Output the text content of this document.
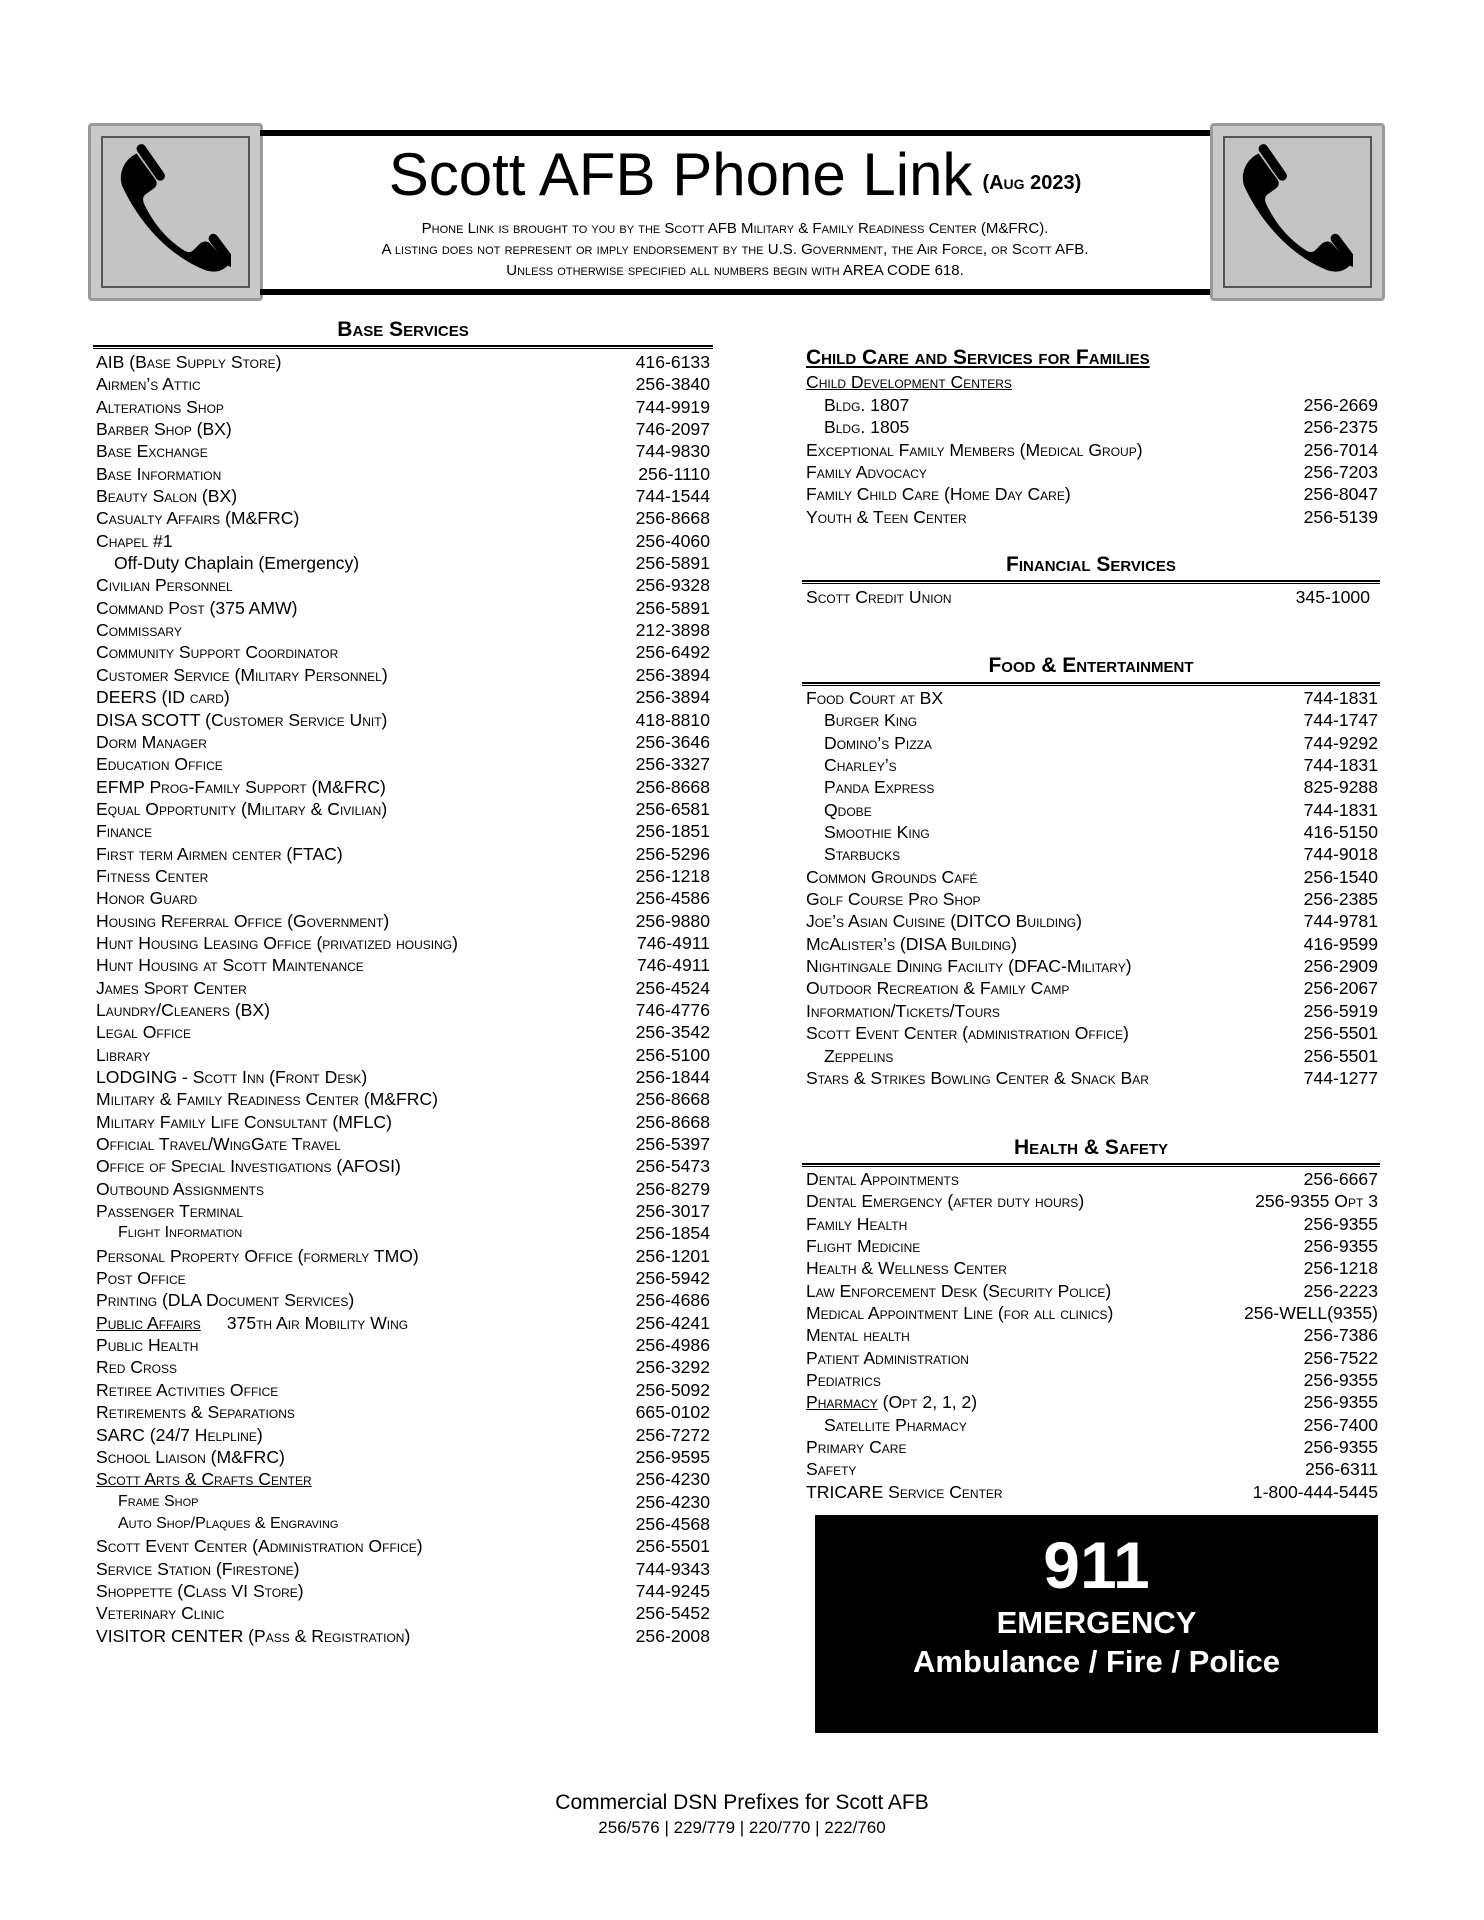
Scott AFB Phone Link (Aug 2023)
Phone Link is brought to you by the Scott AFB Military & Family Readiness Center (M&FRC).
A listing does not represent or imply endorsement by the U.S. Government, the Air Force, or Scott AFB.
Unless otherwise specified all numbers begin with AREA CODE 618.
Base Services
AIB (Base Supply Store)	416-6133
Airmen’s Attic	256-3840
Alterations Shop	744-9919
Barber Shop (BX)	746-2097
Base Exchange	744-9830
Base Information	256-1110
Beauty Salon (BX)	744-1544
Casualty Affairs (M&FRC)	256-8668
Chapel #1	256-4060
Off-Duty Chaplain (Emergency)	256-5891
Civilian Personnel	256-9328
Command Post (375 AMW)	256-5891
Commissary	212-3898
Community Support Coordinator	256-6492
Customer Service (Military Personnel)	256-3894
DEERS (ID card)	256-3894
DISA SCOTT (Customer Service Unit)	418-8810
Dorm Manager	256-3646
Education Office	256-3327
EFMP Prog-Family Support (M&FRC)	256-8668
Equal Opportunity (Military & Civilian)	256-6581
Finance	256-1851
First term Airmen center (FTAC)	256-5296
Fitness Center	256-1218
Honor Guard	256-4586
Housing Referral Office (Government)	256-9880
Hunt Housing Leasing Office (privatized housing)	746-4911
Hunt Housing at Scott Maintenance	746-4911
James Sport Center	256-4524
Laundry/Cleaners (BX)	746-4776
Legal Office	256-3542
Library	256-5100
LODGING - Scott Inn (Front Desk)	256-1844
Military & Family Readiness Center (M&FRC)	256-8668
Military Family Life Consultant (MFLC)	256-8668
Official Travel/WingGate Travel	256-5397
Office of Special Investigations (AFOSI)	256-5473
Outbound Assignments	256-8279
Passenger Terminal	256-3017
Flight Information	256-1854
Personal Property Office (formerly TMO)	256-1201
Post Office	256-5942
Printing (DLA Document Services)	256-4686
Public Affairs 375th Air Mobility Wing	256-4241
Public Health	256-4986
Red Cross	256-3292
Retiree Activities Office	256-5092
Retirements & Separations	665-0102
SARC (24/7 Helpline)	256-7272
School Liaison (M&FRC)	256-9595
Scott Arts & Crafts Center	256-4230
Frame Shop	256-4230
Auto Shop/Plaques & Engraving	256-4568
Scott Event Center (Administration Office)	256-5501
Service Station (Firestone)	744-9343
Shoppette (Class VI Store)	744-9245
Veterinary Clinic	256-5452
VISITOR CENTER (Pass & Registration)	256-2008
Child Care and Services for Families
Child Development Centers
Bldg. 1807	256-2669
Bldg. 1805	256-2375
Exceptional Family Members (Medical Group)	256-7014
Family Advocacy	256-7203
Family Child Care (Home Day Care)	256-8047
Youth & Teen Center	256-5139
Financial Services
Scott Credit Union	345-1000
Food & Entertainment
Food Court at BX	744-1831
Burger King	744-1747
Domino’s Pizza	744-9292
Charley’s	744-1831
Panda Express	825-9288
Qdobe	744-1831
Smoothie King	416-5150
Starbucks	744-9018
Common Grounds Café	256-1540
Golf Course Pro Shop	256-2385
Joe’s Asian Cuisine (DITCO Building)	744-9781
McAlister’s (DISA Building)	416-9599
Nightingale Dining Facility (DFAC-Military)	256-2909
Outdoor Recreation & Family Camp	256-2067
Information/Tickets/Tours	256-5919
Scott Event Center (administration Office)	256-5501
Zeppelins	256-5501
Stars & Strikes Bowling Center & Snack Bar	744-1277
Health & Safety
Dental Appointments	256-6667
Dental Emergency (after duty hours)	256-9355 Opt 3
Family Health	256-9355
Flight Medicine	256-9355
Health & Wellness Center	256-1218
Law Enforcement Desk (Security Police)	256-2223
Medical Appointment Line (for all clinics)	256-WELL(9355)
Mental health	256-7386
Patient Administration	256-7522
Pediatrics	256-9355
Pharmacy (Opt 2, 1, 2)	256-9355
Satellite Pharmacy	256-7400
Primary Care	256-9355
Safety	256-6311
TRICARE Service Center	1-800-444-5445
911
EMERGENCY
Ambulance / Fire / Police
Commercial DSN Prefixes for Scott AFB
256/576 | 229/779 | 220/770 | 222/760
